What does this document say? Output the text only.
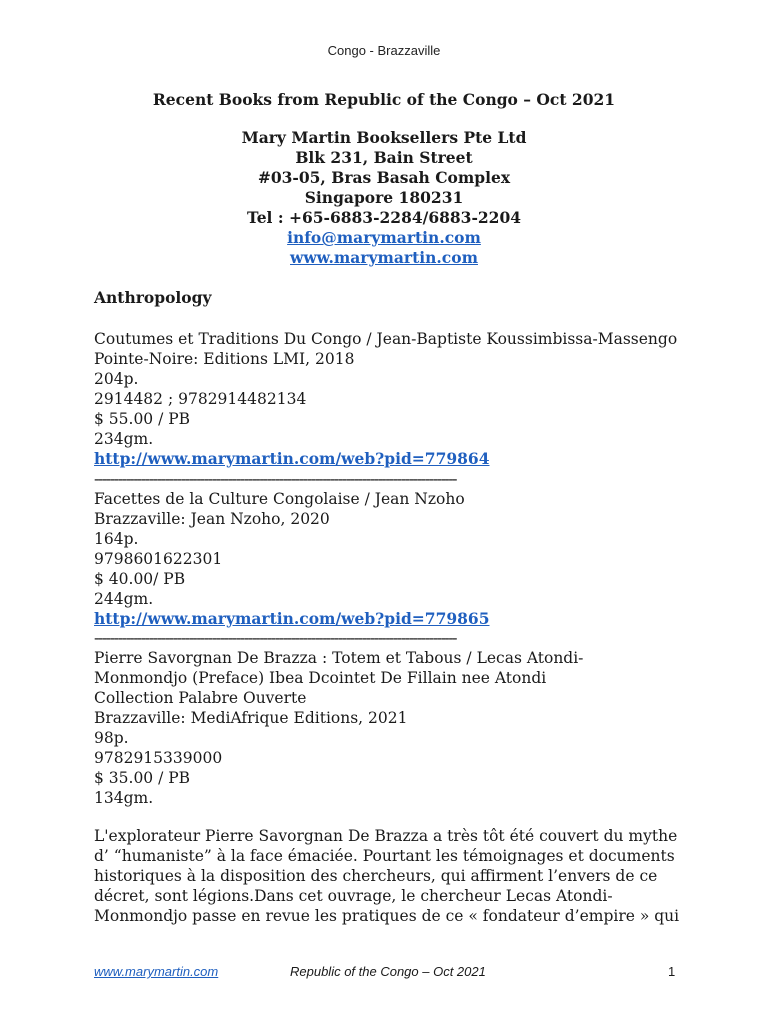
Congo - Brazzaville
Recent Books from Republic of the Congo – Oct 2021
Mary Martin Booksellers Pte Ltd
Blk 231, Bain Street
#03-05, Bras Basah Complex
Singapore 180231
Tel : +65-6883-2284/6883-2204
info@marymartin.com
www.marymartin.com
Anthropology
Coutumes et Traditions Du Congo / Jean-Baptiste Koussimbissa-Massengo
Pointe-Noire: Editions LMI, 2018
204p.
2914482 ; 9782914482134
$ 55.00 / PB
234gm.
http://www.marymartin.com/web?pid=779864
--------------------------------------------------------------------------------------------
Facettes de la Culture Congolaise / Jean Nzoho
Brazzaville: Jean Nzoho, 2020
164p.
9798601622301
$ 40.00/ PB
244gm.
http://www.marymartin.com/web?pid=779865
--------------------------------------------------------------------------------------------
Pierre Savorgnan De Brazza : Totem et Tabous / Lecas Atondi-
Monmondjo (Preface) Ibea Dcointet De Fillain nee Atondi
Collection Palabre Ouverte
Brazzaville: MediAfrique Editions, 2021
98p.
9782915339000
$ 35.00 / PB
134gm.
L'explorateur Pierre Savorgnan De Brazza a très tôt été couvert du mythe
d’ “humaniste” à la face émaciée. Pourtant les témoignages et documents
historiques à la disposition des chercheurs, qui affirment l’envers de ce
décret, sont légions.Dans cet ouvrage, le chercheur Lecas Atondi-
Monmondjo passe en revue les pratiques de ce « fondateur d’empire » qui
www.marymartin.com	Republic of the Congo – Oct 2021	1
